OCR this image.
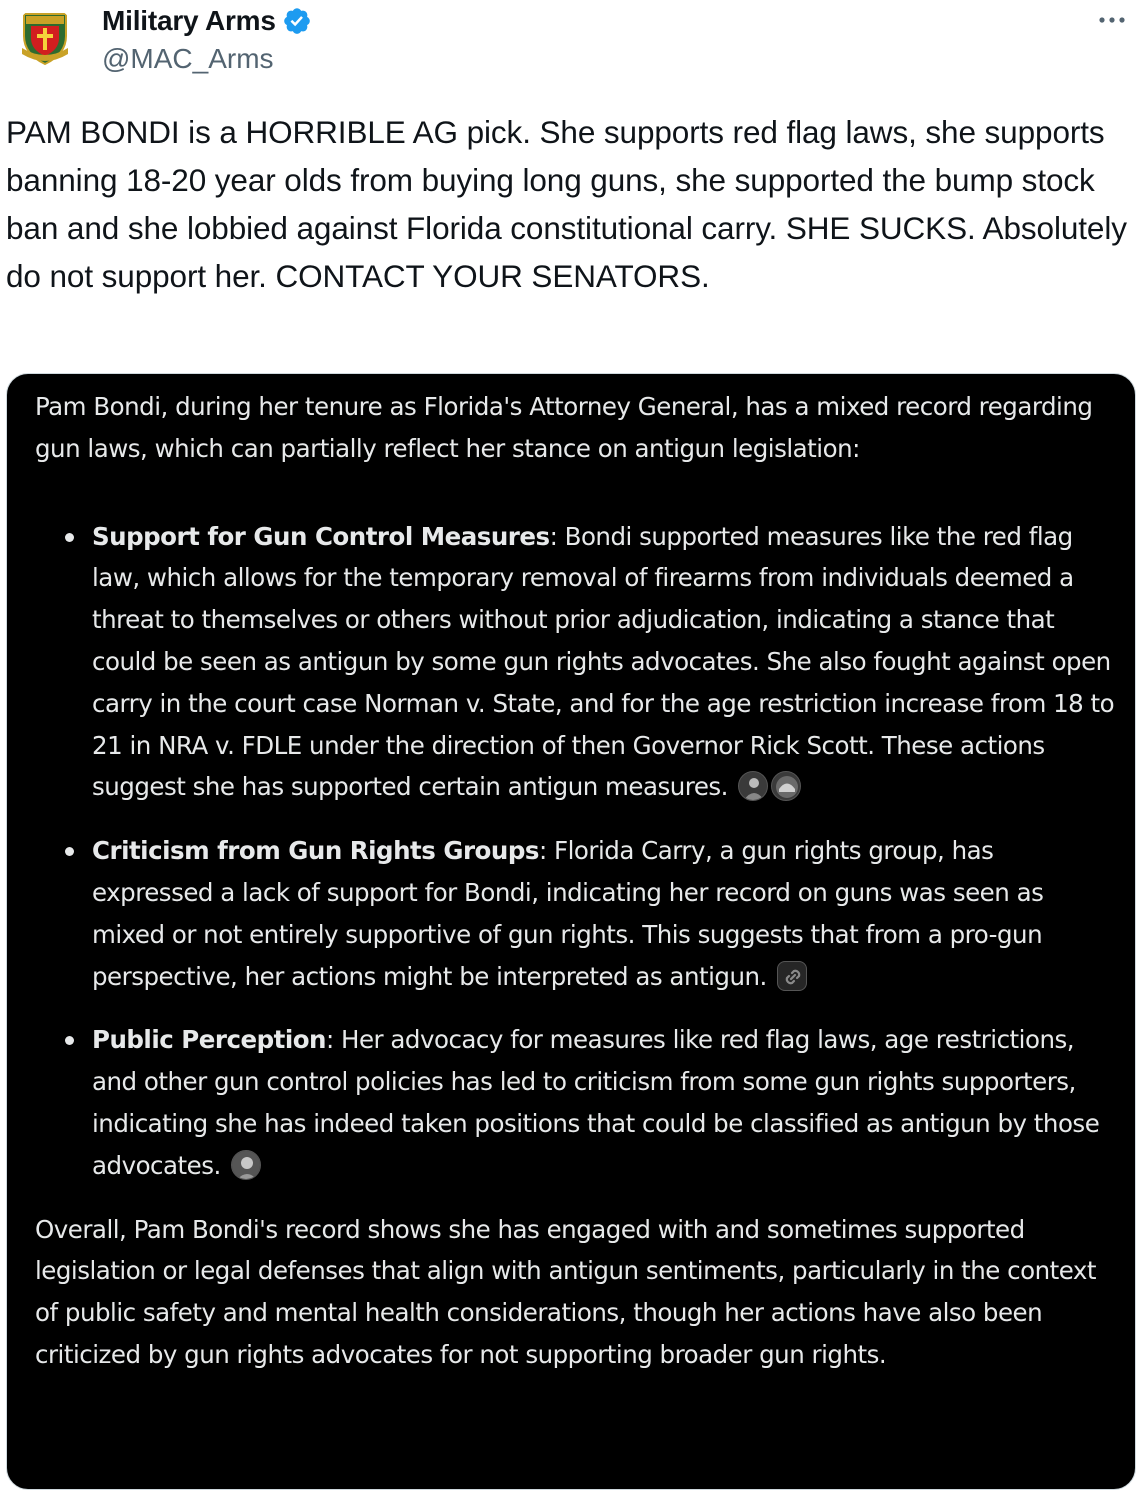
Military Arms
@MAC_Arms
PAM BONDI is a HORRIBLE AG pick. She supports red flag laws, she supports banning 18-20 year olds from buying long guns, she supported the bump stock ban and she lobbied against Florida constitutional carry. SHE SUCKS. Absolutely do not support her. CONTACT YOUR SENATORS.

Pam Bondi, during her tenure as Florida's Attorney General, has a mixed record regarding gun laws, which can partially reflect her stance on antigun legislation:

Support for Gun Control Measures: Bondi supported measures like the red flag law, which allows for the temporary removal of firearms from individuals deemed a threat to themselves or others without prior adjudication, indicating a stance that could be seen as antigun by some gun rights advocates. She also fought against open carry in the court case Norman v. State, and for the age restriction increase from 18 to 21 in NRA v. FDLE under the direction of then Governor Rick Scott. These actions suggest she has supported certain antigun measures.
Criticism from Gun Rights Groups: Florida Carry, a gun rights group, has expressed a lack of support for Bondi, indicating her record on guns was seen as mixed or not entirely supportive of gun rights. This suggests that from a pro-gun perspective, her actions might be interpreted as antigun.
Public Perception: Her advocacy for measures like red flag laws, age restrictions, and other gun control policies has led to criticism from some gun rights supporters, indicating she has indeed taken positions that could be classified as antigun by those advocates.

Overall, Pam Bondi's record shows she has engaged with and sometimes supported legislation or legal defenses that align with antigun sentiments, particularly in the context of public safety and mental health considerations, though her actions have also been criticized by gun rights advocates for not supporting broader gun rights.
